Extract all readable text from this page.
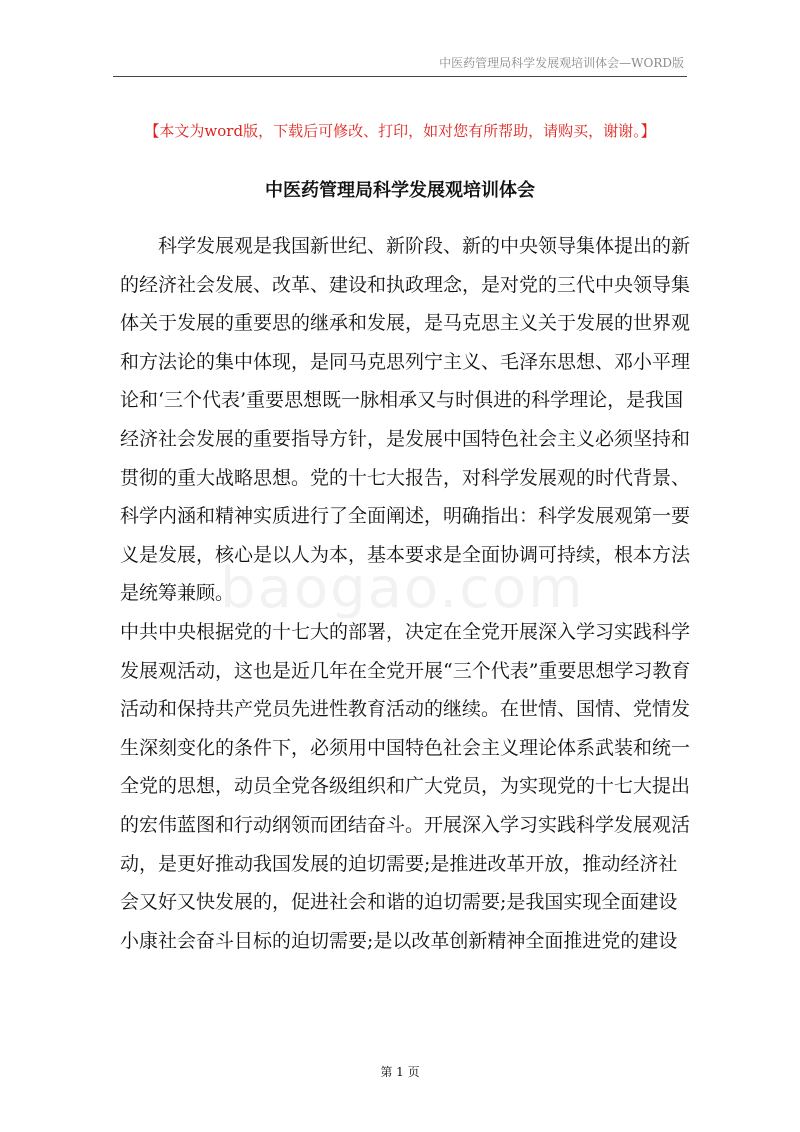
中医药管理局科学发展观培训体会—WORD版
【本文为word版，下载后可修改、打印，如对您有所帮助，请购买，谢谢。】
中医药管理局科学发展观培训体会
baogao.com
科学发展观是我国新世纪、新阶段、新的中央领导集体提出的新
的经济社会发展、改革、建设和执政理念，是对党的三代中央领导集
体关于发展的重要思的继承和发展，是马克思主义关于发展的世界观
和方法论的集中体现，是同马克思列宁主义、毛泽东思想、邓小平理
论和‘三个代表’重要思想既一脉相承又与时俱进的科学理论，是我国
经济社会发展的重要指导方针，是发展中国特色社会主义必须坚持和
贯彻的重大战略思想。党的十七大报告，对科学发展观的时代背景、
科学内涵和精神实质进行了全面阐述，明确指出：科学发展观第一要
义是发展，核心是以人为本，基本要求是全面协调可持续，根本方法
是统筹兼顾。
中共中央根据党的十七大的部署，决定在全党开展深入学习实践科学
发展观活动，这也是近几年在全党开展“三个代表”重要思想学习教育
活动和保持共产党员先进性教育活动的继续。在世情、国情、党情发
生深刻变化的条件下，必须用中国特色社会主义理论体系武装和统一
全党的思想，动员全党各级组织和广大党员，为实现党的十七大提出
的宏伟蓝图和行动纲领而团结奋斗。开展深入学习实践科学发展观活
动，是更好推动我国发展的迫切需要;是推进改革开放，推动经济社
会又好又快发展的，促进社会和谐的迫切需要;是我国实现全面建设
小康社会奋斗目标的迫切需要;是以改革创新精神全面推进党的建设
第 1 页
